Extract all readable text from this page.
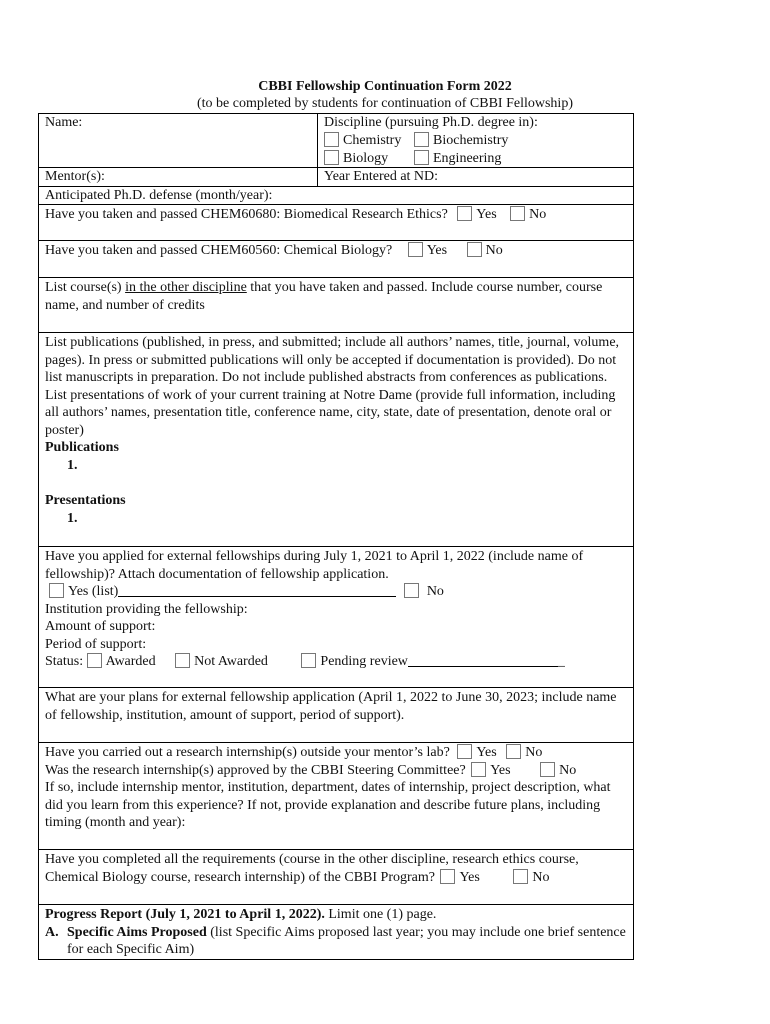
CBBI Fellowship Continuation Form 2022
(to be completed by students for continuation of CBBI Fellowship)
Name:	Discipline (pursuing Ph.D. degree in):
Chemistry Biochemistry
Biology	Engineering
Mentor(s):	Year Entered at ND:
Anticipated Ph.D. defense (month/year):
Have you taken and passed CHEM60680: Biomedical Research Ethics? Yes No
Have you taken and passed CHEM60560: Chemical Biology? Yes	No
List course(s) in the other discipline that you have taken and passed. Include course number, course name, and number of credits
List publications (published, in press, and submitted; include all authors’ names, title, journal, volume, pages). In press or submitted publications will only be accepted if documentation is provided). Do not list manuscripts in preparation. Do not include published abstracts from conferences as publications. List presentations of work of your current training at Notre Dame (provide full information, including all authors’ names, presentation title, conference name, city, state, date of presentation, denote oral or poster)
Publications
1.
Presentations
1.
Have you applied for external fellowships during July 1, 2021 to April 1, 2022 (include name of fellowship)? Attach documentation of fellowship application.
Yes (list)	No
Institution providing the fellowship:
Amount of support:
Period of support:
Status: Awarded	Not Awarded	Pending review	_
What are your plans for external fellowship application (April 1, 2022 to June 30, 2023; include name of fellowship, institution, amount of support, period of support).
Have you carried out a research internship(s) outside your mentor’s lab? Yes No
Was the research internship(s) approved by the CBBI Steering Committee? Yes	No
If so, include internship mentor, institution, department, dates of internship, project description, what did you learn from this experience? If not, provide explanation and describe future plans, including timing (month and year):
Have you completed all the requirements (course in the other discipline, research ethics course, Chemical Biology course, research internship) of the CBBI Program? Yes	No
Progress Report (July 1, 2021 to April 1, 2022). Limit one (1) page.
A. Specific Aims Proposed (list Specific Aims proposed last year; you may include one brief sentence for each Specific Aim)
